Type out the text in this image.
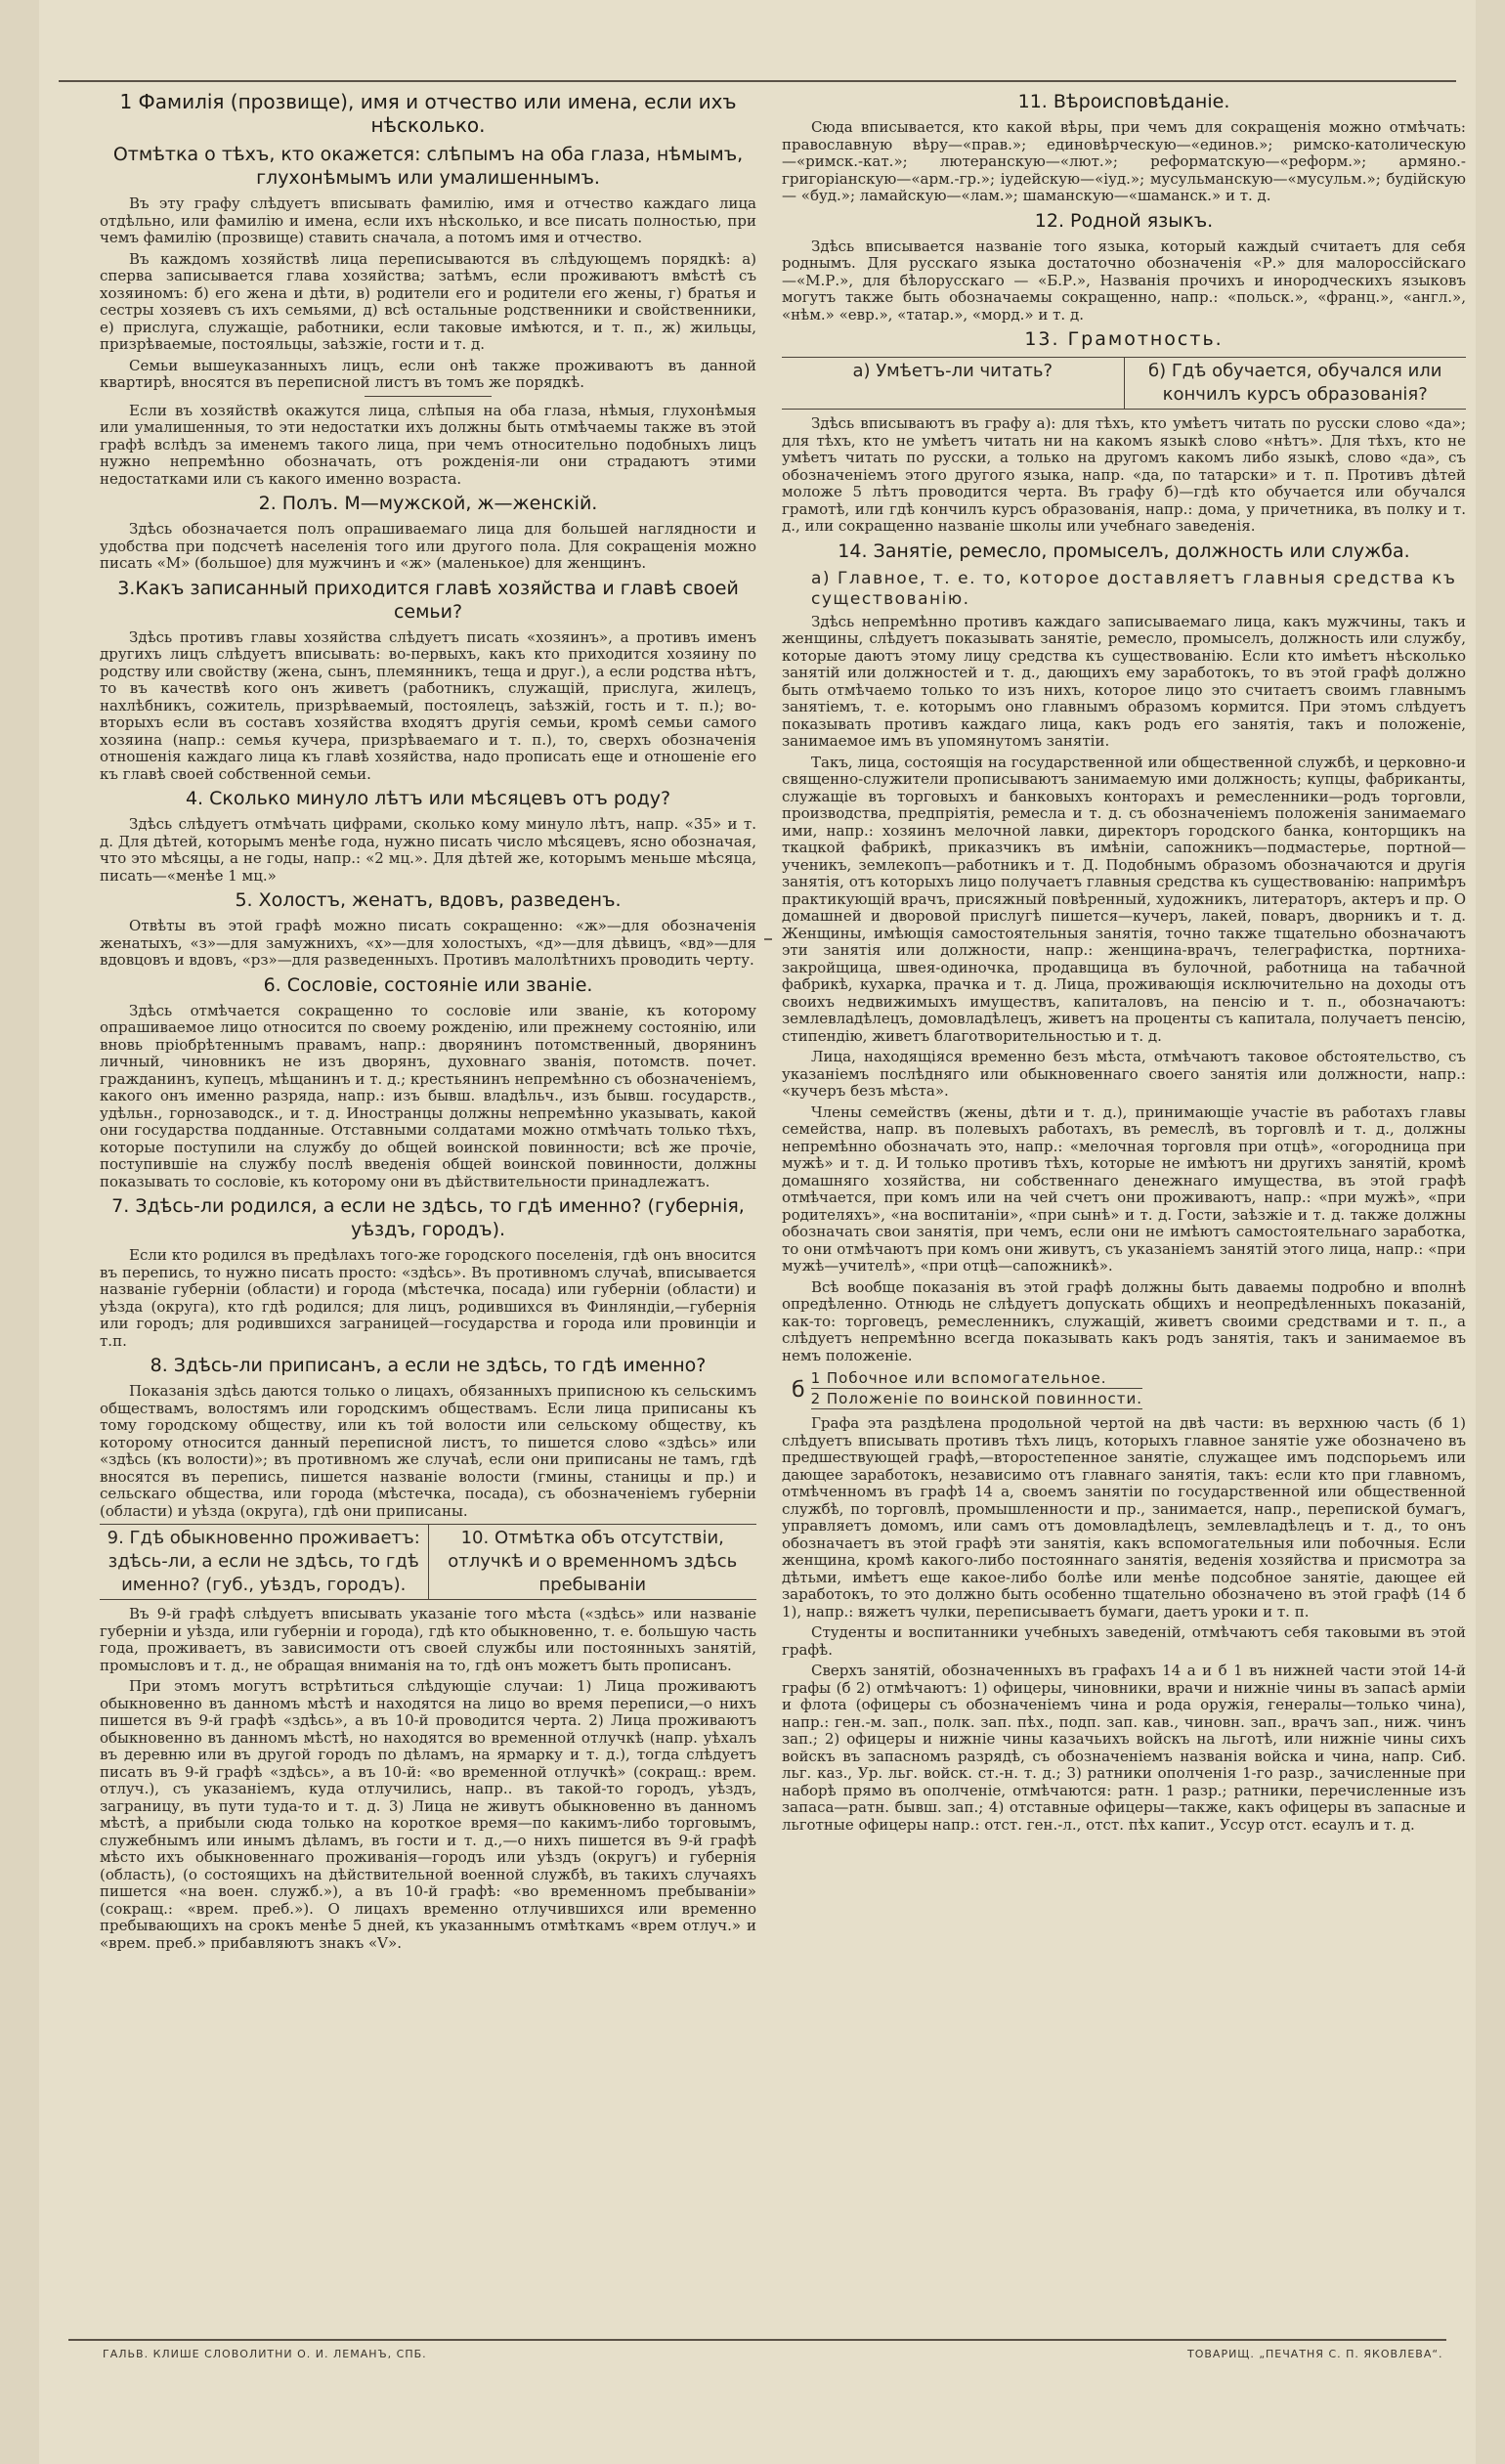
1 Фамилія (прозвище), имя и отчество или имена, если ихъ нѣсколько.
Отмѣтка о тѣхъ, кто окажется: слѣпымъ на оба глаза, нѣмымъ, глухонѣмымъ или умалишеннымъ.

Въ эту графу слѣдуетъ вписывать фамилію, имя и отчество каждаго лица отдѣльно, или фамилію и имена, если ихъ нѣсколько, и все писать полностью, при чемъ фамилію (прозвище) ставить сначала, а потомъ имя и отчество.

Въ каждомъ хозяйствѣ лица переписываются въ слѣдующемъ порядкѣ: а) сперва записывается глава хозяйства; затѣмъ, если проживаютъ вмѣстѣ съ хозяиномъ: б) его жена и дѣти, в) родители его и родители его жены, г) братья и сестры хозяевъ съ ихъ семьями, д) всѣ остальные родственники и свойственники, е) прислуга, служащіе, работники, если таковые имѣются, и т. п., ж) жильцы, призрѣваемые, постояльцы, заѣзжіе, гости и т. д.

Семьи вышеуказанныхъ лицъ, если онѣ также проживаютъ въ данной квартирѣ, вносятся въ переписной листъ въ томъ же порядкѣ.

Если въ хозяйствѣ окажутся лица, слѣпыя на оба глаза, нѣмыя, глухонѣмыя или умалишенныя, то эти недостатки ихъ должны быть отмѣчаемы также въ этой графѣ вслѣдъ за именемъ такого лица, при чемъ относительно подобныхъ лицъ нужно непремѣнно обозначать, отъ рожденія-ли они страдаютъ этими недостатками или съ какого именно возраста.

2. Полъ. М—мужской, ж—женскій.

Здѣсь обозначается полъ опрашиваемаго лица для большей наглядности и удобства при подсчетѣ населенія того или другого пола. Для сокращенія можно писать «М» (большое) для мужчинъ и «ж» (маленькое) для женщинъ.

3.Какъ записанный приходится главѣ хозяйства и главѣ своей семьи?

Здѣсь противъ главы хозяйства слѣдуетъ писать «хозяинъ», а противъ именъ другихъ лицъ слѣдуетъ вписывать: во-первыхъ, какъ кто приходится хозяину по родству или свойству (жена, сынъ, племянникъ, теща и друг.), а если родства нѣтъ, то въ качествѣ кого онъ живетъ (работникъ, служащій, прислуга, жилецъ, нахлѣбникъ, сожитель, призрѣваемый, постоялецъ, заѣзжій, гость и т. п.); во-вторыхъ если въ составъ хозяйства входятъ другія семьи, кромѣ семьи самого хозяина (напр.: семья кучера, призрѣваемаго и т. п.), то, сверхъ обозначенія отношенія каждаго лица къ главѣ хозяйства, надо прописать еще и отношеніе его къ главѣ своей собственной семьи.

4. Сколько минуло лѣтъ или мѣсяцевъ отъ роду?

Здѣсь слѣдуетъ отмѣчать цифрами, сколько кому минуло лѣтъ, напр. «35» и т. д. Для дѣтей, которымъ менѣе года, нужно писать число мѣсяцевъ, ясно обозначая, что это мѣсяцы, а не годы, напр.: «2 мц.». Для дѣтей же, которымъ меньше мѣсяца, писать—«менѣе 1 мц.»

5. Холостъ, женатъ, вдовъ, разведенъ.

Отвѣты въ этой графѣ можно писать сокращенно: «ж»—для обозначенія женатыхъ, «з»—для замужнихъ, «х»—для холостыхъ, «д»—для дѣвицъ, «вд»—для вдовцовъ и вдовъ, «рз»—для разведенныхъ. Противъ малолѣтнихъ проводить черту.

6. Сословіе, состояніе или званіе.

Здѣсь отмѣчается сокращенно то сословіе или званіе, къ которому опрашиваемое лицо относится по своему рожденію, или прежнему состоянію, или вновь пріобрѣтеннымъ правамъ, напр.: дворянинъ потомственный, дворянинъ личный, чиновникъ не изъ дворянъ, духовнаго званія, потомств. почет. гражданинъ, купецъ, мѣщанинъ и т. д.; крестьянинъ непремѣнно съ обозначеніемъ, какого онъ именно разряда, напр.: изъ бывш. владѣльч., изъ бывш. государств., удѣльн., горнозаводск., и т. д. Иностранцы должны непремѣнно указывать, какой они государства подданные. Отставными солдатами можно отмѣчать только тѣхъ, которые поступили на службу до общей воинской повинности; всѣ же прочіе, поступившіе на службу послѣ введенія общей воинской повинности, должны показывать то сословіе, къ которому они въ дѣйствительности принадлежатъ.

7. Здѣсь-ли родился, а если не здѣсь, то гдѣ именно? (губернія, уѣздъ, городъ).

Если кто родился въ предѣлахъ того-же городского поселенія, гдѣ онъ вносится въ перепись, то нужно писать просто: «здѣсь». Въ противномъ случаѣ, вписывается названіе губерніи (области) и города (мѣстечка, посада) или губерніи (области) и уѣзда (округа), кто гдѣ родился; для лицъ, родившихся въ Финляндіи,—губернія или городъ; для родившихся заграницей—государства и города или провинціи и т.п.

8. Здѣсь-ли приписанъ, а если не здѣсь, то гдѣ именно?

Показанія здѣсь даются только о лицахъ, обязанныхъ приписною къ сельскимъ обществамъ, волостямъ или городскимъ обществамъ. Если лица приписаны къ тому городскому обществу, или къ той волости или сельскому обществу, къ которому относится данный переписной листъ, то пишется слово «здѣсь» или «здѣсь (къ волости)»; въ противномъ же случаѣ, если они приписаны не тамъ, гдѣ вносятся въ перепись, пишется названіе волости (гмины, станицы и пр.) и сельскаго общества, или города (мѣстечка, посада), съ обозначеніемъ губерніи (области) и уѣзда (округа), гдѣ они приписаны.

9. Гдѣ обыкновенно проживаетъ: здѣсь-ли, а если не здѣсь, то гдѣ именно? (губ., уѣздъ, городъ).
10. Отмѣтка объ отсутствіи, отлучкѣ и о временномъ здѣсь пребываніи

Въ 9-й графѣ слѣдуетъ вписывать указаніе того мѣста («здѣсь» или названіе губерніи и уѣзда, или губерніи и города), гдѣ кто обыкновенно, т. е. большую часть года, проживаетъ, въ зависимости отъ своей службы или постоянныхъ занятій, промысловъ и т. д., не обращая вниманія на то, гдѣ онъ можетъ быть прописанъ.

При этомъ могутъ встрѣтиться слѣдующіе случаи: 1) Лица проживаютъ обыкновенно въ данномъ мѣстѣ и находятся на лицо во время переписи,—о нихъ пишется въ 9-й графѣ «здѣсь», а въ 10-й проводится черта. 2) Лица проживаютъ обыкновенно въ данномъ мѣстѣ, но находятся во временной отлучкѣ (напр. уѣхалъ въ деревню или въ другой городъ по дѣламъ, на ярмарку и т. д.), тогда слѣдуетъ писать въ 9-й графѣ «здѣсь», а въ 10-й: «во временной отлучкѣ» (сокращ.: врем. отлуч.), съ указаніемъ, куда отлучились, напр.. въ такой-то городъ, уѣздъ, заграницу, въ пути туда-то и т. д. 3) Лица не живутъ обыкновенно въ данномъ мѣстѣ, а прибыли сюда только на короткое время—по какимъ-либо торговымъ, служебнымъ или инымъ дѣламъ, въ гости и т. д.,—о нихъ пишется въ 9-й графѣ мѣсто ихъ обыкновеннаго проживанія—городъ или уѣздъ (округъ) и губернія (область), (о состоящихъ на дѣйствительной военной службѣ, въ такихъ случаяхъ пишется «на воен. служб.»), а въ 10-й графѣ: «во временномъ пребываніи» (сокращ.: «врем. преб.»). О лицахъ временно отлучившихся или временно пребывающихъ на срокъ менѣе 5 дней, къ указаннымъ отмѣткамъ «врем отлуч.» и «врем. преб.» прибавляютъ знакъ «V».

11. Вѣроисповѣданіе.

Сюда вписывается, кто какой вѣры, при чемъ для сокращенія можно отмѣчать: православную вѣру—«прав.»; единовѣрческую—«единов.»; римско-католическую—«римск.-кат.»; лютеранскую—«лют.»; реформатскую—«реформ.»; армяно.-григоріанскую—«арм.-гр.»; іудейскую—«іуд.»; мусульманскую—«мусульм.»; будійскую — «буд.»; ламайскую—«лам.»; шаманскую—«шаманск.» и т. д.

12. Родной языкъ.

Здѣсь вписывается названіе того языка, который каждый считаетъ для себя роднымъ. Для русскаго языка достаточно обозначенія «Р.» для малороссійскаго—«М.Р.», для бѣлорусскаго — «Б.Р.», Названія прочихъ и инородческихъ языковъ могутъ также быть обозначаемы сокращенно, напр.: «польск.», «франц.», «англ.», «нѣм.» «евр.», «татар.», «морд.» и т. д.

13. Грамотность.
а) Умѣетъ-ли читать?	б) Гдѣ обучается, обучался или кончилъ курсъ образованія?

Здѣсь вписываютъ въ графу а): для тѣхъ, кто умѣетъ читать по русски слово «да»; для тѣхъ, кто не умѣетъ читать ни на какомъ языкѣ слово «нѣтъ». Для тѣхъ, кто не умѣетъ читать по русски, а только на другомъ какомъ либо языкѣ, слово «да», съ обозначеніемъ этого другого языка, напр. «да, по татарски» и т. п. Противъ дѣтей моложе 5 лѣтъ проводится черта. Въ графу б)—гдѣ кто обучается или обучался грамотѣ, или гдѣ кончилъ курсъ образованія, напр.: дома, у причетника, въ полку и т. д., или сокращенно названіе школы или учебнаго заведенія.

14. Занятіе, ремесло, промыселъ, должность или служба.
а) Главное, т. е. то, которое доставляетъ главныя средства къ существованію.

Здѣсь непремѣнно противъ каждаго записываемаго лица, какъ мужчины, такъ и женщины, слѣдуетъ показывать занятіе, ремесло, промыселъ, должность или службу, которые даютъ этому лицу средства къ существованію. Если кто имѣетъ нѣсколько занятій или должностей и т. д., дающихъ ему заработокъ, то въ этой графѣ должно быть отмѣчаемо только то изъ нихъ, которое лицо это считаетъ своимъ главнымъ занятіемъ, т. е. которымъ оно главнымъ образомъ кормится. При этомъ слѣдуетъ показывать противъ каждаго лица, какъ родъ его занятія, такъ и положеніе, занимаемое имъ въ упомянутомъ занятіи.

Такъ, лица, состоящія на государственной или общественной службѣ, и церковно-и священно-служители прописываютъ занимаемую ими должность; купцы, фабриканты, служащіе въ торговыхъ и банковыхъ конторахъ и ремесленники—родъ торговли, производства, предпріятія, ремесла и т. д. съ обозначеніемъ положенія занимаемаго ими, напр.: хозяинъ мелочной лавки, директоръ городского банка, конторщикъ на ткацкой фабрикѣ, приказчикъ въ имѣніи, сапожникъ—подмастерье, портной—ученикъ, землекопъ—работникъ и т. Д. Подобнымъ образомъ обозначаются и другія занятія, отъ которыхъ лицо получаетъ главныя средства къ существованію: напримѣръ практикующій врачъ, присяжный повѣренный, художникъ, литераторъ, актеръ и пр. О домашней и дворовой прислугѣ пишется—кучеръ, лакей, поваръ, дворникъ и т. д. Женщины, имѣющія самостоятельныя занятія, точно также тщательно обозначаютъ эти занятія или должности, напр.: женщина-врачъ, телеграфистка, портниха-закройщица, швея-одиночка, продавщица въ булочной, работница на табачной фабрикѣ, кухарка, прачка и т. д. Лица, проживающія исключительно на доходы отъ своихъ недвижимыхъ имуществъ, капиталовъ, на пенсію и т. п., обозначаютъ: землевладѣлецъ, домовладѣлецъ, живетъ на проценты съ капитала, получаетъ пенсію, стипендію, живетъ благотворительностью и т. д.

Лица, находящіяся временно безъ мѣста, отмѣчаютъ таковое обстоятельство, съ указаніемъ послѣдняго или обыкновеннаго своего занятія или должности, напр.: «кучеръ безъ мѣста».

Члены семействъ (жены, дѣти и т. д.), принимающіе участіе въ работахъ главы семейства, напр. въ полевыхъ работахъ, въ ремеслѣ, въ торговлѣ и т. д., должны непремѣнно обозначать это, напр.: «мелочная торговля при отцѣ», «огородница при мужѣ» и т. д. И только противъ тѣхъ, которые не имѣютъ ни другихъ занятій, кромѣ домашняго хозяйства, ни собственнаго денежнаго имущества, въ этой графѣ отмѣчается, при комъ или на чей счетъ они проживаютъ, напр.: «при мужѣ», «при родителяхъ», «на воспитаніи», «при сынѣ» и т. д. Гости, заѣзжіе и т. д. также должны обозначать свои занятія, при чемъ, если они не имѣютъ самостоятельнаго заработка, то они отмѣчаютъ при комъ они живутъ, съ указаніемъ занятій этого лица, напр.: «при мужѣ—учителѣ», «при отцѣ—сапожникѣ».

Всѣ вообще показанія въ этой графѣ должны быть даваемы подробно и вполнѣ опредѣленно. Отнюдь не слѣдуетъ допускать общихъ и неопредѣленныхъ показаній, как-то: торговецъ, ремесленникъ, служащій, живетъ своими средствами и т. п., а слѣдуетъ непремѣнно всегда показывать какъ родъ занятія, такъ и занимаемое въ немъ положеніе.

б 1 Побочное или вспомогательное.
2 Положеніе по воинской повинности.

Графа эта раздѣлена продольной чертой на двѣ части: въ верхнюю часть (б 1) слѣдуетъ вписывать противъ тѣхъ лицъ, которыхъ главное занятіе уже обозначено въ предшествующей графѣ,—второстепенное занятіе, служащее имъ подспорьемъ или дающее заработокъ, независимо отъ главнаго занятія, такъ: если кто при главномъ, отмѣченномъ въ графѣ 14 а, своемъ занятіи по государственной или общественной службѣ, по торговлѣ, промышленности и пр., занимается, напр., перепиской бумагъ, управляетъ домомъ, или самъ отъ домовладѣлецъ, землевладѣлецъ и т. д., то онъ обозначаетъ въ этой графѣ эти занятія, какъ вспомогательныя или побочныя. Если женщина, кромѣ какого-либо постояннаго занятія, веденія хозяйства и присмотра за дѣтьми, имѣетъ еще какое-либо болѣе или менѣе подсобное занятіе, дающее ей заработокъ, то это должно быть особенно тщательно обозначено въ этой графѣ (14 б 1), напр.: вяжетъ чулки, переписываетъ бумаги, даетъ уроки и т. п.

Студенты и воспитанники учебныхъ заведеній, отмѣчаютъ себя таковыми въ этой графѣ.

Сверхъ занятій, обозначенныхъ въ графахъ 14 а и б 1 въ нижней части этой 14-й графы (б 2) отмѣчаютъ: 1) офицеры, чиновники, врачи и нижніе чины въ запасѣ арміи и флота (офицеры съ обозначеніемъ чина и рода оружія, генералы—только чина), напр.: ген.-м. зап., полк. зап. пѣх., подп. зап. кав., чиновн. зап., врачъ зап., ниж. чинъ зап.; 2) офицеры и нижніе чины казачьихъ войскъ на льготѣ, или нижніе чины сихъ войскъ въ запасномъ разрядѣ, съ обозначеніемъ названія войска и чина, напр. Сиб. льг. каз., Ур. льг. войск. ст.-н. т. д.; 3) ратники ополченія 1-го разр., зачисленные при наборѣ прямо въ ополченіе, отмѣчаются: ратн. 1 разр.; ратники, перечисленные изъ запаса—ратн. бывш. зап.; 4) отставные офицеры—также, какъ офицеры въ запасные и льготные офицеры напр.: отст. ген.-л., отст. пѣх капит., Уссур отст. есаулъ и т. д.

ГАЛЬВ. КЛИШЕ СЛОВОЛИТНИ О. И. ЛЕМАНЪ, СПБ.	ТОВАРИЩ. „ПЕЧАТНЯ С. П. ЯКОВЛЕВА“.
